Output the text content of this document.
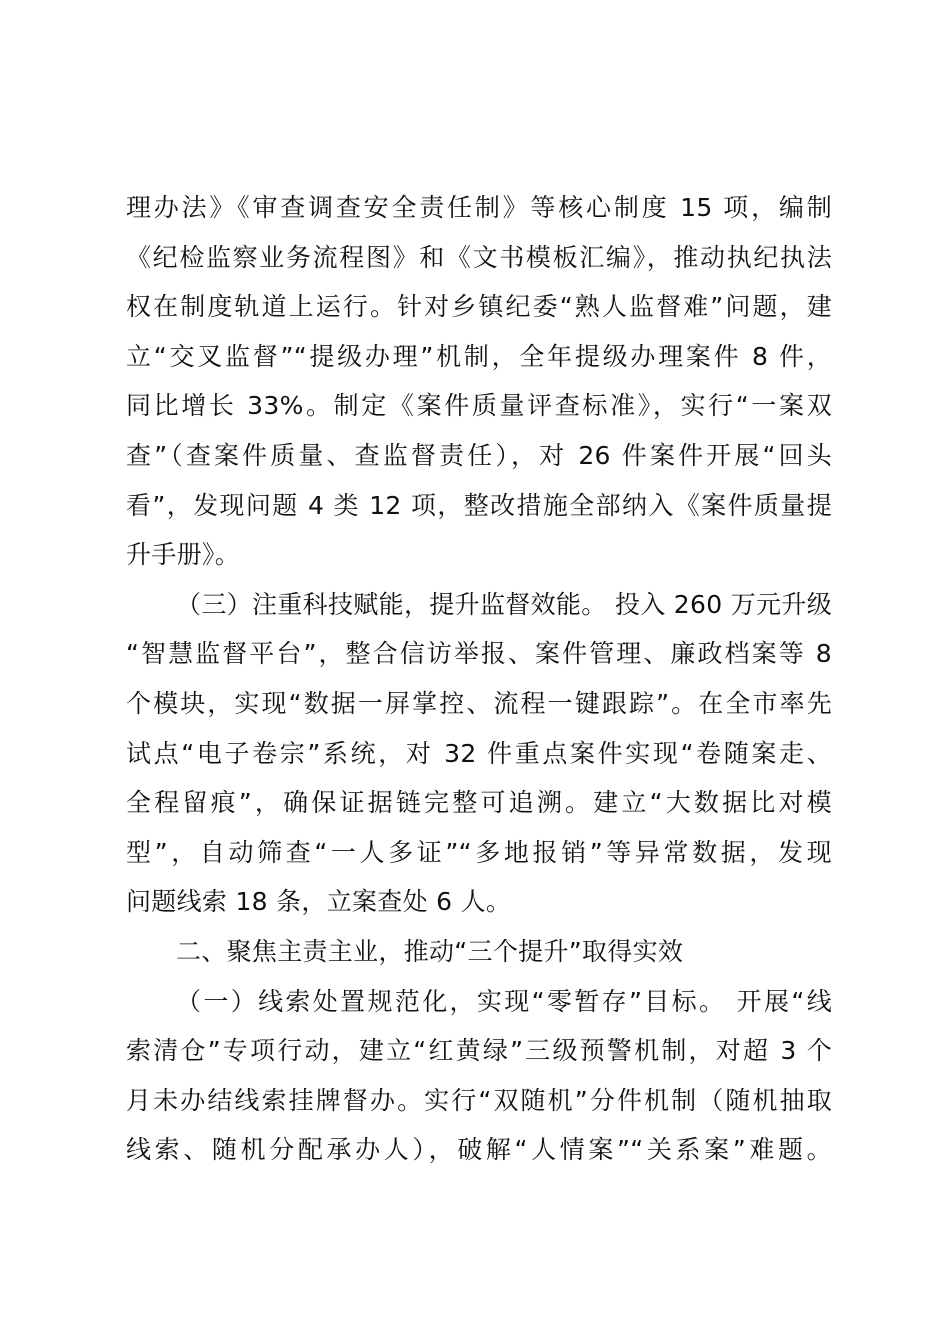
理办法》《审查调查安全责任制》等核心制度 15 项，编制
《纪检监察业务流程图》和《文书模板汇编》，推动执纪执法
权在制度轨道上运行。针对乡镇纪委“熟人监督难”问题，建
立“交叉监督”“提级办理”机制，全年提级办理案件 8 件，
同比增长 33%。制定《案件质量评查标准》，实行“一案双
查”（查案件质量、查监督责任），对 26 件案件开展“回头
看”，发现问题 4 类 12 项，整改措施全部纳入《案件质量提
升手册》。
（三）注重科技赋能，提升监督效能。 投入 260 万元升级
“智慧监督平台”，整合信访举报、案件管理、廉政档案等 8
个模块，实现“数据一屏掌控、流程一键跟踪”。在全市率先
试点“电子卷宗”系统，对 32 件重点案件实现“卷随案走、
全程留痕”，确保证据链完整可追溯。建立“大数据比对模
型”，自动筛查“一人多证”“多地报销”等异常数据，发现
问题线索 18 条，立案查处 6 人。
二、聚焦主责主业，推动“三个提升”取得实效
（一）线索处置规范化，实现“零暂存”目标。 开展“线
索清仓”专项行动，建立“红黄绿”三级预警机制，对超 3 个
月未办结线索挂牌督办。实行“双随机”分件机制（随机抽取
线索、随机分配承办人），破解“人情案”“关系案”难题。
